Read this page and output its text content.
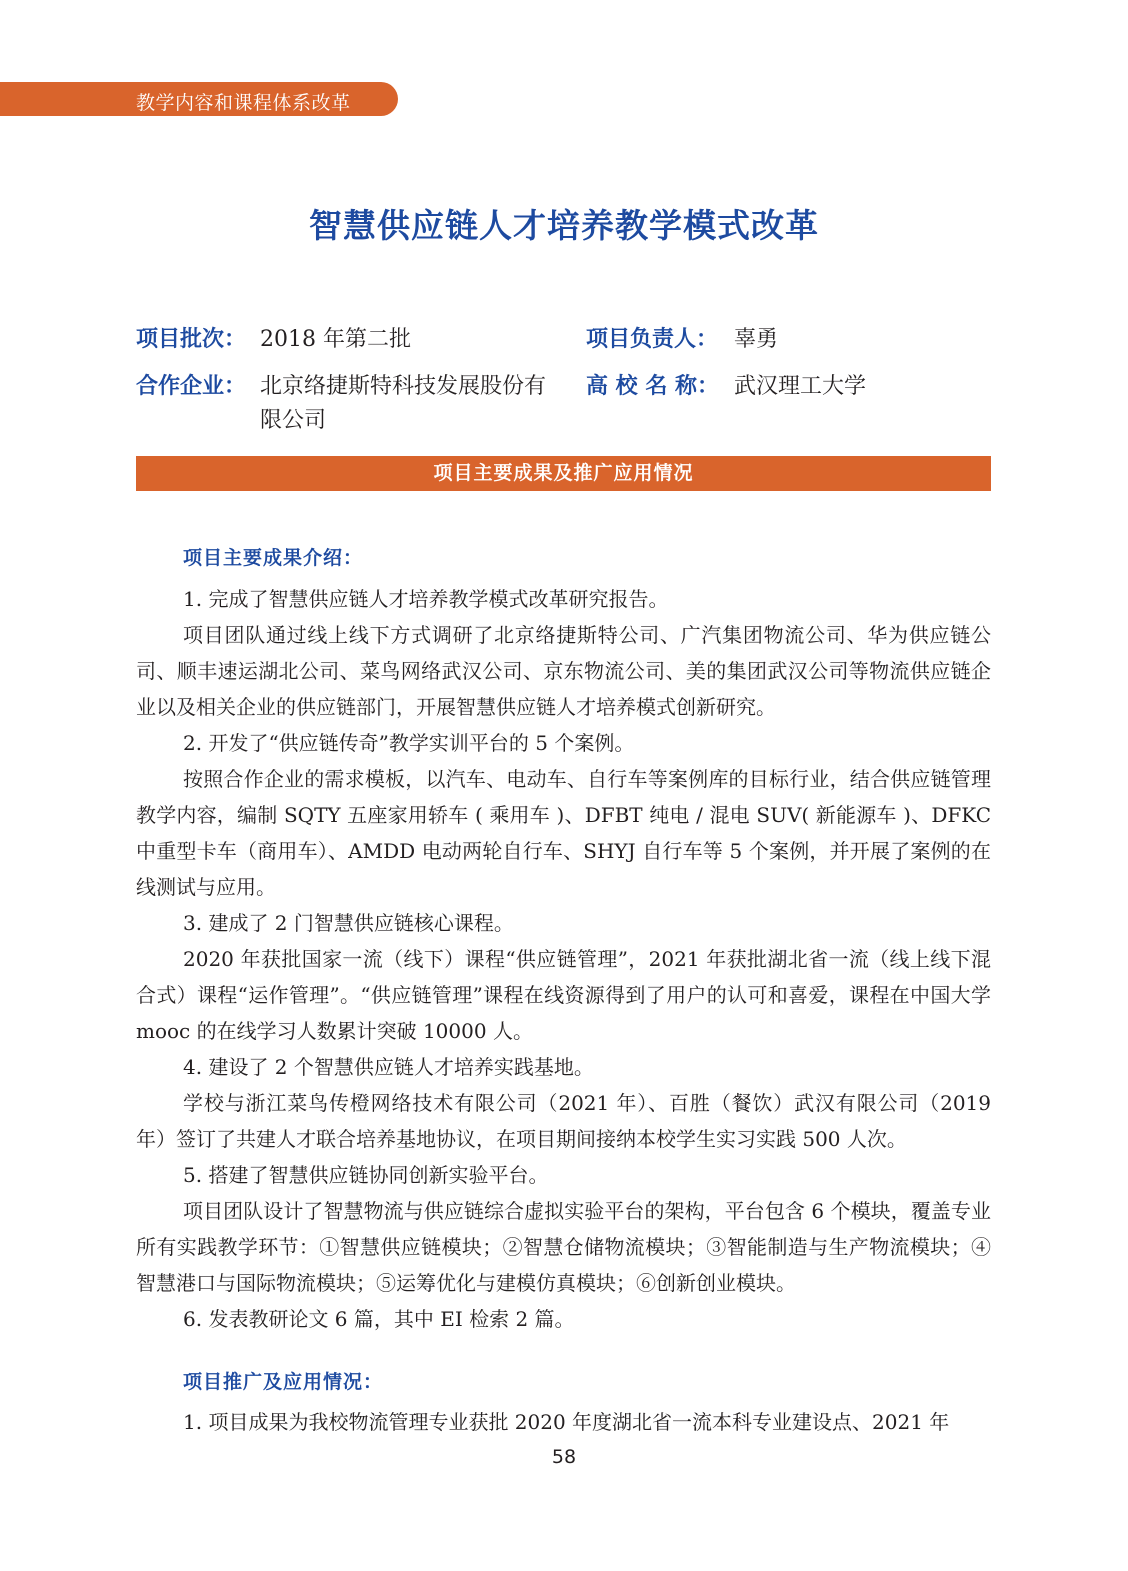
教学内容和课程体系改革
智慧供应链人才培养教学模式改革
项目批次： 2018 年第二批	项目负责人： 辜勇
合作企业： 北京络捷斯特科技发展股份有限公司
高 校 名 称： 武汉理工大学
项目主要成果及推广应用情况
项目主要成果介绍：

1. 完成了智慧供应链人才培养教学模式改革研究报告。

项目团队通过线上线下方式调研了北京络捷斯特公司、广汽集团物流公司、华为供应链公司、顺丰速运湖北公司、菜鸟网络武汉公司、京东物流公司、美的集团武汉公司等物流供应链企业以及相关企业的供应链部门，开展智慧供应链人才培养模式创新研究。

2. 开发了“供应链传奇”教学实训平台的 5 个案例。

按照合作企业的需求模板，以汽车、电动车、自行车等案例库的目标行业，结合供应链管理教学内容，编制 SQTY 五座家用轿车 ( 乘用车 )、DFBT 纯电 / 混电 SUV( 新能源车 )、DFKC 中重型卡车（商用车）、AMDD 电动两轮自行车、SHYJ 自行车等 5 个案例，并开展了案例的在线测试与应用。

3. 建成了 2 门智慧供应链核心课程。

2020 年获批国家一流（线下）课程“供应链管理”，2021 年获批湖北省一流（线上线下混合式）课程“运作管理”。“供应链管理”课程在线资源得到了用户的认可和喜爱，课程在中国大学 mooc 的在线学习人数累计突破 10000 人。

4. 建设了 2 个智慧供应链人才培养实践基地。

学校与浙江菜鸟传橙网络技术有限公司（2021 年）、百胜（餐饮）武汉有限公司（2019 年）签订了共建人才联合培养基地协议，在项目期间接纳本校学生实习实践 500 人次。

5. 搭建了智慧供应链协同创新实验平台。

项目团队设计了智慧物流与供应链综合虚拟实验平台的架构，平台包含 6 个模块，覆盖专业所有实践教学环节：①智慧供应链模块；②智慧仓储物流模块；③智能制造与生产物流模块；④智慧港口与国际物流模块；⑤运筹优化与建模仿真模块；⑥创新创业模块。

6. 发表教研论文 6 篇，其中 EI 检索 2 篇。

项目推广及应用情况：

1. 项目成果为我校物流管理专业获批 2020 年度湖北省一流本科专业建设点、2021 年

58
